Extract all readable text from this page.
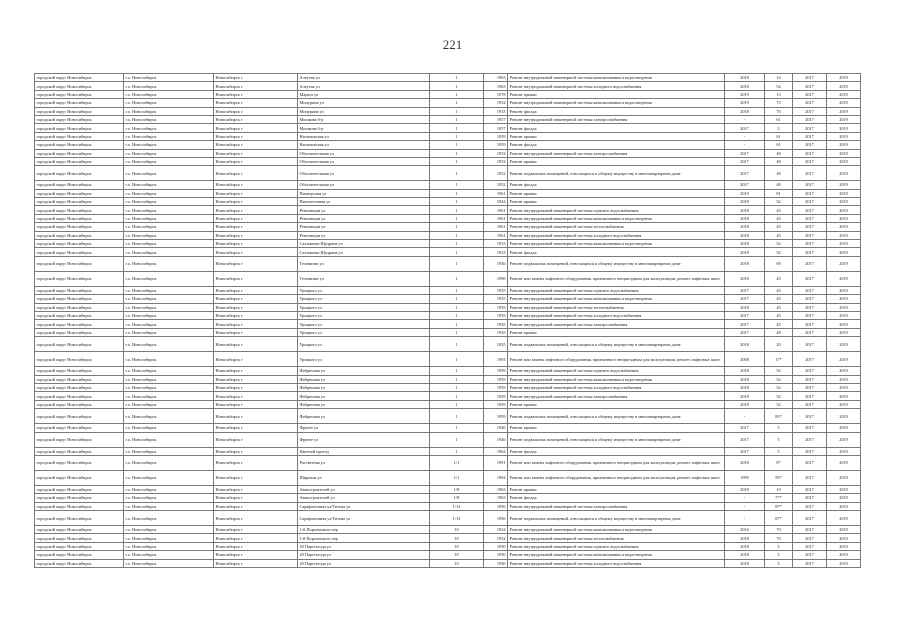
221
городской округ Новосибирск	г.о. Новосибирск	Новосибирск г	Алеутая ул	1	1963	Ремонт внутридомовой инженерной системы канализования и водоотведения	2018	14	2017	2019
городской округ Новосибирск	г.о. Новосибирск	Новосибирск г	Алеутая ул	1	1963	Ремонт внутридомовой инженерной системы холодного водоснабжения	2018	54	2017	2019
городской округ Новосибирск	г.о. Новосибирск	Новосибирск г	Марата ул	1	1978	Ремонт крыши	2019	13	2017	2019
городской округ Новосибирск	г.о. Новосибирск	Новосибирск г	Мичурина ул	1	1932	Ремонт внутридомовой инженерной системы канализования и водоотведения	2019	73	2017	2019
городской округ Новосибирск	г.о. Новосибирск	Новосибирск г	Мичурина ул	1	1933	Ремонт фасада	2018	70	2017	2019
городской округ Новосибирск	г.о. Новосибирск	Новосибирск г	Мошкова б-р	1	1957	Ремонт внутридомовой инженерной системы электроснабжения	-	61	2017	2019
городской округ Новосибирск	г.о. Новосибирск	Новосибирск г	Мошкова б-р	1	1957	Ремонт фасада	2017	3	2017	2019
городской округ Новосибирск	г.о. Новосибирск	Новосибирск г	Нахимовская ул	1	1959	Ремонт крыши	-	61	2017	2019
городской округ Новосибирск	г.о. Новосибирск	Новосибирск г	Нахимовская ул	1	1959	Ремонт фасада	-	61	2017	2019
городской округ Новосибирск	г.о. Новосибирск	Новосибирск г	Обогатительная ул	1	1952	Ремонт внутридомовой инженерной системы электроснабжения	2017	48	2017	2019
городской округ Новосибирск	г.о. Новосибирск	Новосибирск г	Обогатительная ул	1	1952	Ремонт крыши	2017	48	2017	2019
городской округ Новосибирск	г.о. Новосибирск	Новосибирск г	Обогатительная ул	1	1952	Ремонт подвальных помещений, относящихся к общему имуществу в многоквартирном доме	2017	48	2017	2019
городской округ Новосибирск	г.о. Новосибирск	Новосибирск г	Обогатительная ул	1	1952	Ремонт фасада	2017	48	2017	2019
городской округ Новосибирск	г.о. Новосибирск	Новосибирск г	Пионерская ул	1	1961	Ремонт крыши	2019	81	2017	2019
городской округ Новосибирск	г.о. Новосибирск	Новосибирск г	Пятилеточная ул	1	1944	Ремонт крыши	2018	32	2017	2019
городской округ Новосибирск	г.о. Новосибирск	Новосибирск г	Революции ул	1	1961	Ремонт внутридомовой инженерной системы горячего водоснабжения	2018	45	2017	2019
городской округ Новосибирск	г.о. Новосибирск	Новосибирск г	Революции ул	1	1961	Ремонт внутридомовой инженерной системы канализования и водоотведения	2018	45	2017	2019
городской округ Новосибирск	г.о. Новосибирск	Новосибирск г	Революции ул	1	1961	Ремонт внутридомовой инженерной системы теплоснабжения	2018	45	2017	2019
городской округ Новосибирск	г.о. Новосибирск	Новосибирск г	Революции ул	1	1961	Ремонт внутридомовой инженерной системы холодного водоснабжения	2018	45	2017	2019
городской округ Новосибирск	г.о. Новосибирск	Новосибирск г	Салтыкова-Щедрина ул	1	1933	Ремонт внутридомовой инженерной системы канализования и водоотведения	2018	52	2017	2019
городской округ Новосибирск	г.о. Новосибирск	Новосибирск г	Салтыкова-Щедрина ул	1	1933	Ремонт фасада	2018	52	2017	2019
городской округ Новосибирск	г.о. Новосибирск	Новосибирск г	Телевизии ул	1	1936	Ремонт подвальных помещений, относящихся к общему имуществу в многоквартирном доме	2018	69	2017	2019
городской округ Новосибирск	г.о. Новосибирск	Новосибирск г	Телевизии ул	1	1990	Ремонт или замена лифтового оборудования, признанного непригодным для эксплуатации, ремонт лифтовых шахт	2018	45	2017	2019
городской округ Новосибирск	г.о. Новосибирск	Новосибирск г	Урицкого ул	1	1935	Ремонт внутридомовой инженерной системы горячего водоснабжения	2017	45	2017	2019
городской округ Новосибирск	г.о. Новосибирск	Новосибирск г	Урицкого ул	1	1935	Ремонт внутридомовой инженерной системы канализования и водоотведения	2017	45	2017	2019
городской округ Новосибирск	г.о. Новосибирск	Новосибирск г	Урицкого ул	1	1935	Ремонт внутридомовой инженерной системы теплоснабжения	2018	45	2017	2019
городской округ Новосибирск	г.о. Новосибирск	Новосибирск г	Урицкого ул	1	1935	Ремонт внутридомовой инженерной системы холодного водоснабжения	2017	45	2017	2019
городской округ Новосибирск	г.о. Новосибирск	Новосибирск г	Урицкого ул	1	1935	Ремонт внутридомовой инженерной системы электроснабжения	2017	45	2017	2019
городской округ Новосибирск	г.о. Новосибирск	Новосибирск г	Урицкого ул	1	1935	Ремонт крыши	2017	48	2017	2019
городской округ Новосибирск	г.о. Новосибирск	Новосибирск г	Урицкого ул	1	1935	Ремонт подвальных помещений, относящихся к общему имуществу в многоквартирном доме	2018	20	2017	2019
городской округ Новосибирск	г.о. Новосибирск	Новосибирск г	Урицкого ул	1	1993	Ремонт или замена лифтового оборудования, признанного непригодным для эксплуатации, ремонт лифтовых шахт	2008	17*	2017	2019
городской округ Новосибирск	г.о. Новосибирск	Новосибирск г	Фабричная ул	1	1959	Ремонт внутридомовой инженерной системы горячего водоснабжения	2018	52	2017	2019
городской округ Новосибирск	г.о. Новосибирск	Новосибирск г	Фабричная ул	1	1959	Ремонт внутридомовой инженерной системы канализования и водоотведения	2018	52	2017	2019
городской округ Новосибирск	г.о. Новосибирск	Новосибирск г	Фабричная ул	1	1959	Ремонт внутридомовой инженерной системы холодного водоснабжения	2018	52	2017	2019
городской округ Новосибирск	г.о. Новосибирск	Новосибирск г	Фабричная ул	1	1959	Ремонт внутридомовой инженерной системы электроснабжения	2018	52	2017	2019
городской округ Новосибирск	г.о. Новосибирск	Новосибирск г	Фабричная ул	1	1959	Ремонт крыши	2018	52	2017	2019
городской округ Новосибирск	г.о. Новосибирск	Новосибирск г	Фабричная ул	1	1959	Ремонт подвальных помещений, относящихся к общему имуществу в многоквартирном доме	-	83*	2017	2019
городской округ Новосибирск	г.о. Новосибирск	Новосибирск г	Фрунзе ул	1	1946	Ремонт крыши	2017	5	2017	2019
городской округ Новосибирск	г.о. Новосибирск	Новосибирск г	Фрунзе ул	1	1946	Ремонт подвальных помещений, относящихся к общему имуществу в многоквартирном доме	2017	5	2017	2019
городской округ Новосибирск	г.о. Новосибирск	Новосибирск г	Цветной проезд	1	1962	Ремонт фасада	2017	5	2017	2019
городской округ Новосибирск	г.о. Новосибирск	Новосибирск г	Рассветная ул	1/1	1991	Ремонт или замена лифтового оборудования, признанного непригодным для эксплуатации, ремонт лифтовых шахт	2018	8*	2017	2019
городской округ Новосибирск	г.о. Новосибирск	Новосибирск г	Широкая ул	1/1	1994	Ремонт или замена лифтового оборудования, признанного непригодным для эксплуатации, ремонт лифтовых шахт	1995	59*	2017	2019
городской округ Новосибирск	г.о. Новосибирск	Новосибирск г	Авиастроителей ул	1/8	1963	Ремонт крыши	2018	10	2017	2019
городской округ Новосибирск	г.о. Новосибирск	Новосибирск г	Авиастроителей ул	1/8	1963	Ремонт фасада	-	77*	2017	2019
городской округ Новосибирск	г.о. Новосибирск	Новосибирск г	Сарафоновича ул/Титова ул	1/13	1956	Ремонт внутридомовой инженерной системы электроснабжения	-	87*	2017	2019
городской округ Новосибирск	г.о. Новосибирск	Новосибирск г	Сарафоновича ул/Титова ул	1/13	1956	Ремонт подвальных помещений, относящихся к общему имуществу в многоквартирном доме	-	87*	2017	2019
городской округ Новосибирск	г.о. Новосибирск	Новосибирск г	1-й Порхомского пер	10	1932	Ремонт внутридомовой инженерной системы канализования и водоотведения	2016	70	2017	2019
городской округ Новосибирск	г.о. Новосибирск	Новосибирск г	1-й Порхомского пер	10	1932	Ремонт внутридомовой инженерной системы теплоснабжения	2018	70	2017	2019
городской округ Новосибирск	г.о. Новосибирск	Новосибирск г	20 Партсъезда ул	10	1950	Ремонт внутридомовой инженерной системы горячего водоснабжения	2018	3	2017	2019
городской округ Новосибирск	г.о. Новосибирск	Новосибирск г	20 Партсъезда ул	10	1950	Ремонт внутридомовой инженерной системы канализования и водоотведения	2018	3	2017	2019
городской округ Новосибирск	г.о. Новосибирск	Новосибирск г	20 Партсъезда ул	10	1950	Ремонт внутридомовой инженерной системы холодного водоснабжения	2018	3	2017	2019
